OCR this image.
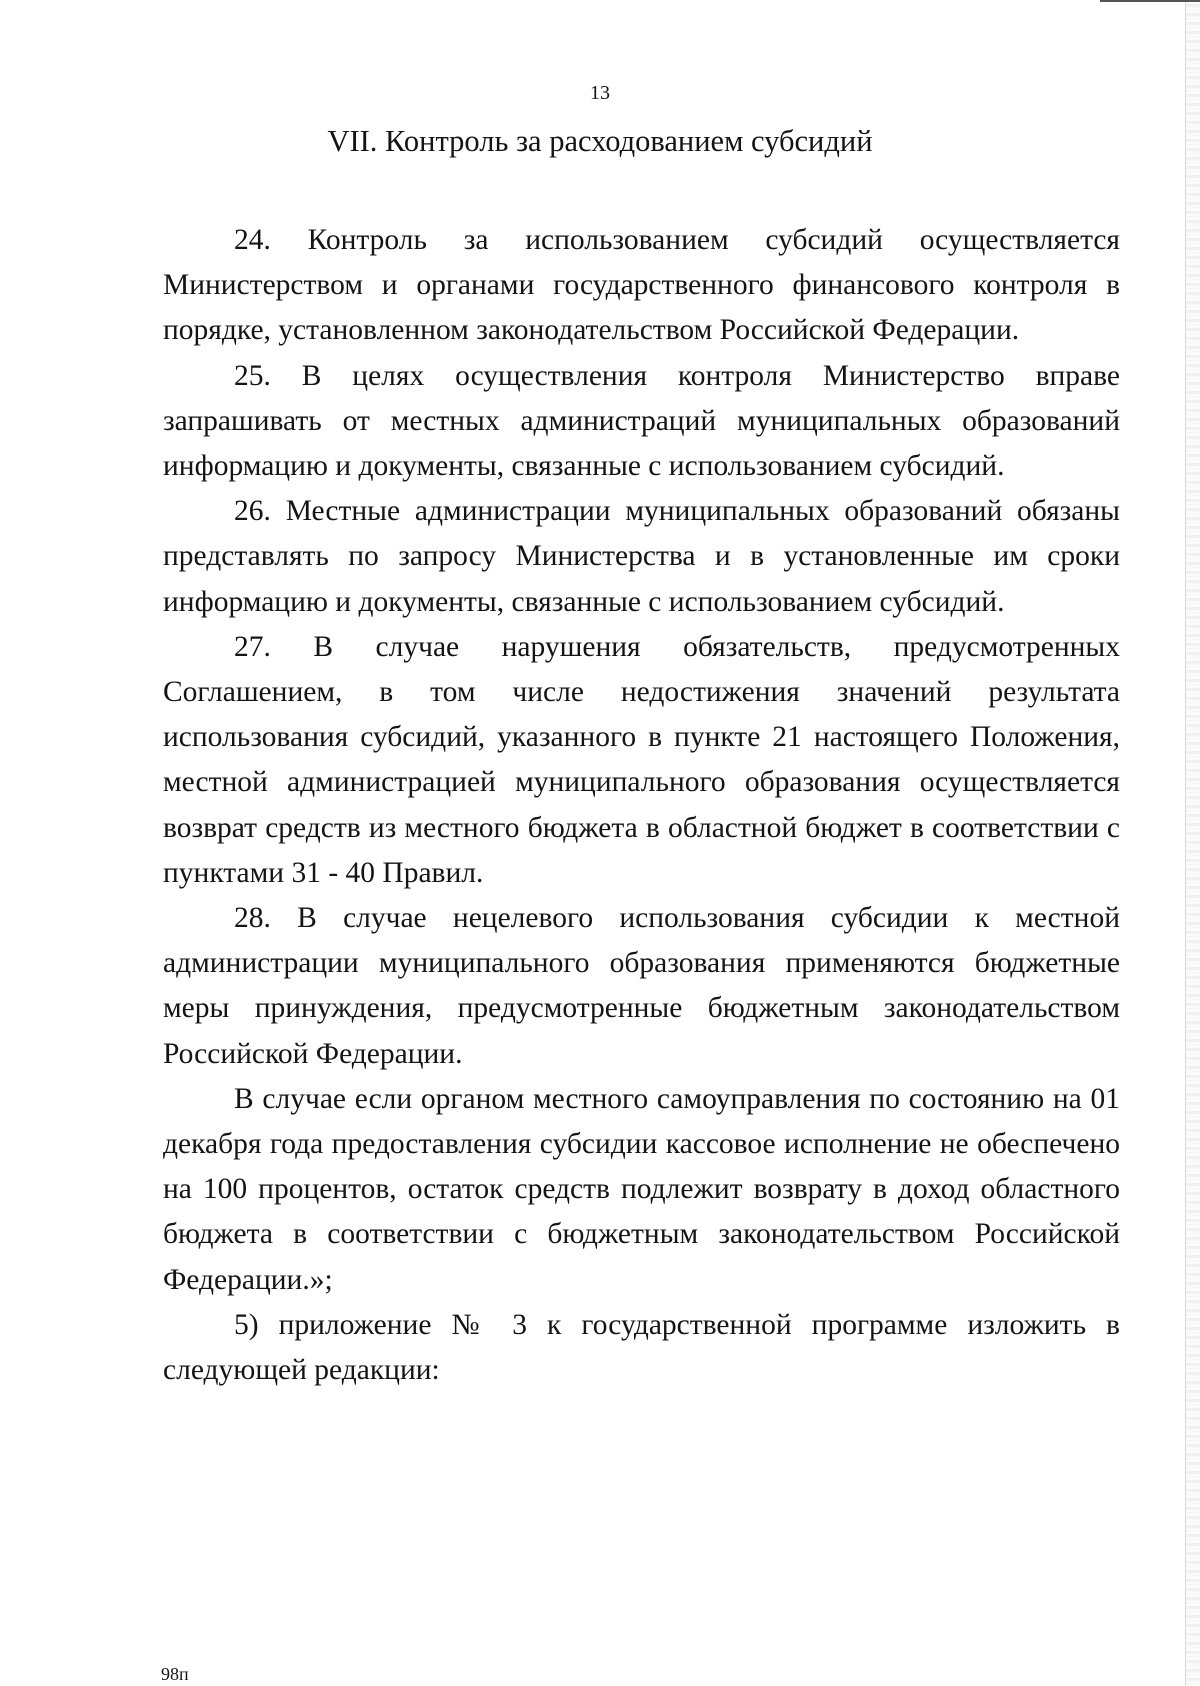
13
VII. Контроль за расходованием субсидий

24. Контроль за использованием субсидий осуществляется Министерством и органами государственного финансового контроля в порядке, установленном законодательством Российской Федерации.

25. В целях осуществления контроля Министерство вправе запрашивать от местных администраций муниципальных образований информацию и документы, связанные с использованием субсидий.

26. Местные администрации муниципальных образований обязаны представлять по запросу Министерства и в установленные им сроки информацию и документы, связанные с использованием субсидий.

27. В случае нарушения обязательств, предусмотренных Соглашением, в том числе недостижения значений результата использования субсидий, указанного в пункте 21 настоящего Положения, местной администрацией муниципального образования осуществляется возврат средств из местного бюджета в областной бюджет в соответствии с пунктами 31 - 40 Правил.

28. В случае нецелевого использования субсидии к местной администрации муниципального образования применяются бюджетные меры принуждения, предусмотренные бюджетным законодательством Российской Федерации.

В случае если органом местного самоуправления по состоянию на 01 декабря года предоставления субсидии кассовое исполнение не обеспечено на 100 процентов, остаток средств подлежит возврату в доход областного бюджета в соответствии с бюджетным законодательством Российской Федерации.»;

5) приложение № 3 к государственной программе изложить в следующей редакции:

98п
